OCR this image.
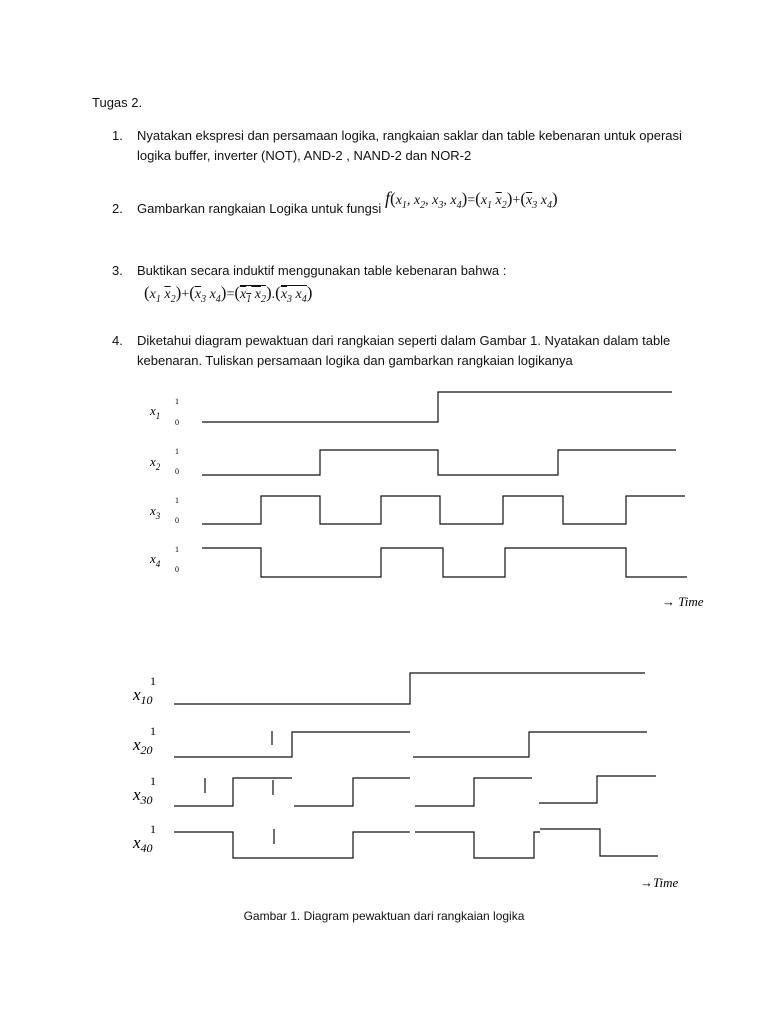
Tugas 2.
1.	Nyatakan ekspresi dan persamaan logika, rangkaian saklar dan table kebenaran untuk operasi logika buffer, inverter (NOT), AND-2 , NAND-2 dan NOR-2
2.	Gambarkan rangkaian Logika untuk fungsi
$f(x_1$, $x_2$, $x_3$, $x_4)=(x_1$ $\overline{x}_2)+(\overline{x}_3$ $x_4$)
3.	Buktikan secara induktif menggunakan table kebenaran bahwa :
($x_1$ $\overline{x}_2)+(\overline{x}_3$ $x_4)=(x_1$ $x_2).(\overline{x}_3$ $x_4$)
4.	Diketahui diagram pewaktuan dari rangkaian seperti dalam Gambar 1. Nyatakan dalam table kebenaran. Tuliskan persamaan logika dan gambarkan rangkaian logikanya
$x_1$
$x_2$
$x_3$
$x_4$
1
0
1
0
1
0
1
0
→ Time
$x_10$
$x_20$
$x_30$
$x_40$
1
1
1
1
→Time
Gambar 1. Diagram pewaktuan dari rangkaian logika
